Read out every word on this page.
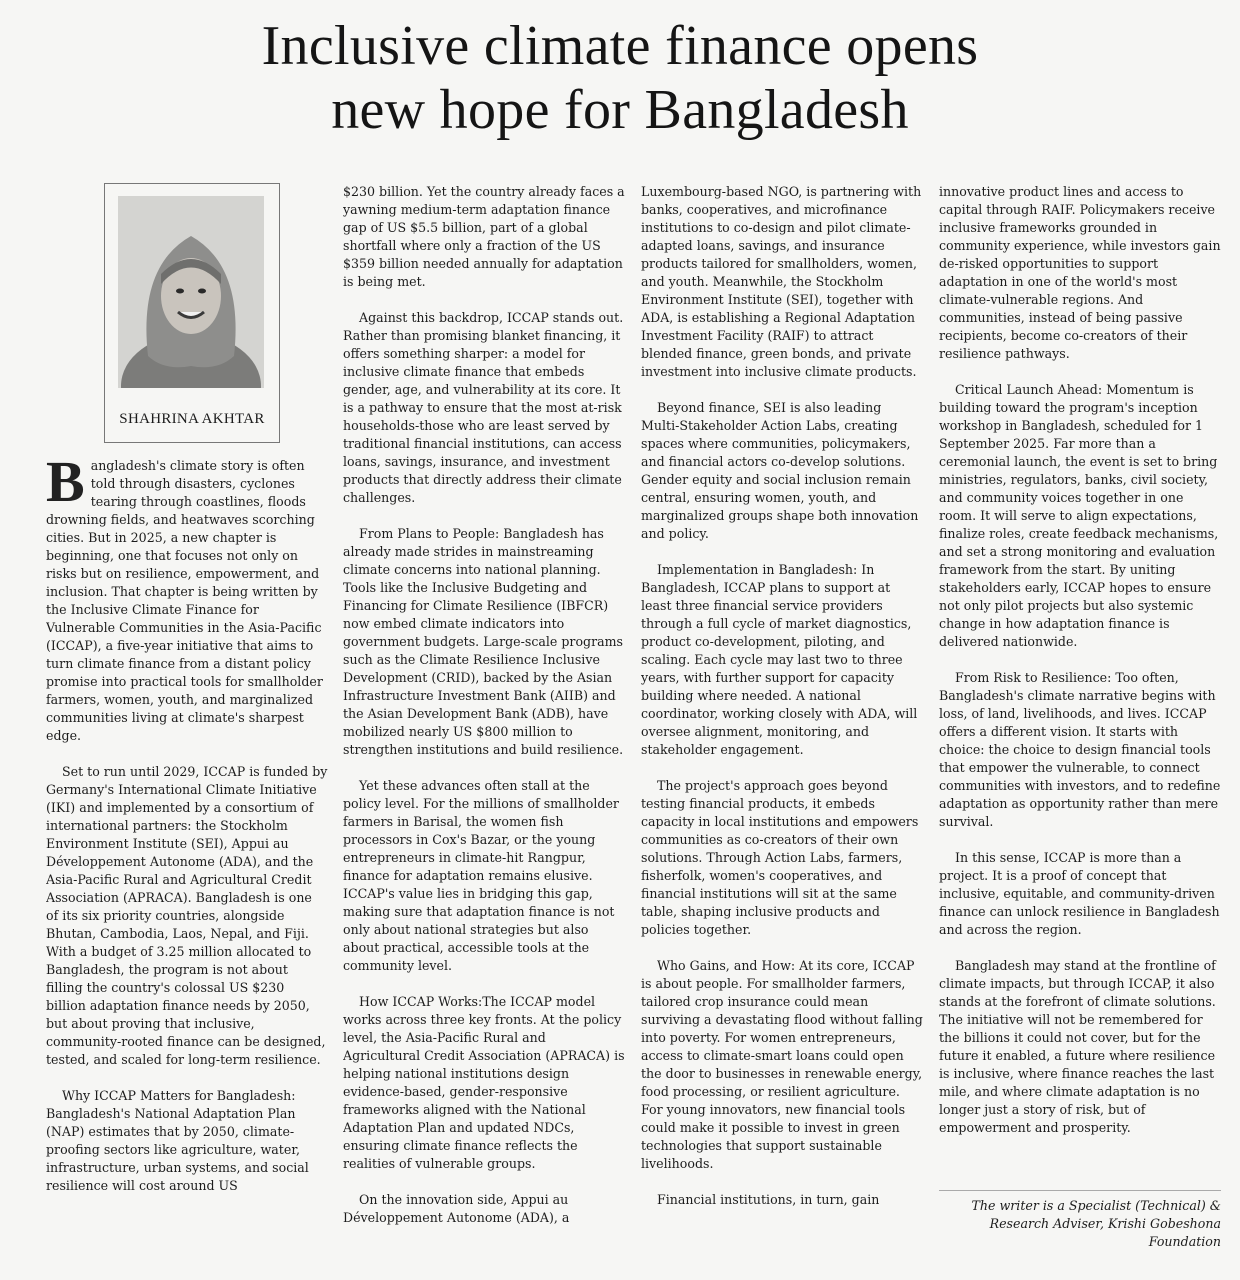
Inclusive climate finance opens
new hope for Bangladesh
SHAHRINA AKHTAR

Bangladesh's climate story is often told through disasters, cyclones tearing through coastlines, floods drowning fields, and heatwaves scorching cities. But in 2025, a new chapter is beginning, one that focuses not only on risks but on resilience, empowerment, and inclusion. That chapter is being written by the Inclusive Climate Finance for Vulnerable Communities in the Asia-Pacific (ICCAP), a five-year initiative that aims to turn climate finance from a distant policy promise into practical tools for smallholder farmers, women, youth, and marginalized communities living at climate's sharpest edge.

Set to run until 2029, ICCAP is funded by Germany's International Climate Initiative (IKI) and implemented by a consortium of international partners: the Stockholm Environment Institute (SEI), Appui au Développement Autonome (ADA), and the Asia-Pacific Rural and Agricultural Credit Association (APRACA). Bangladesh is one of its six priority countries, alongside Bhutan, Cambodia, Laos, Nepal, and Fiji. With a budget of 3.25 million allocated to Bangladesh, the program is not about filling the country's colossal US $230 billion adaptation finance needs by 2050, but about proving that inclusive, community-rooted finance can be designed, tested, and scaled for long-term resilience.

Why ICCAP Matters for Bangladesh: Bangladesh's National Adaptation Plan (NAP) estimates that by 2050, climate-proofing sectors like agriculture, water, infrastructure, urban systems, and social resilience will cost around US

$230 billion. Yet the country already faces a yawning medium-term adaptation finance gap of US $5.5 billion, part of a global shortfall where only a fraction of the US $359 billion needed annually for adaptation is being met.

Against this backdrop, ICCAP stands out. Rather than promising blanket financing, it offers something sharper: a model for inclusive climate finance that embeds gender, age, and vulnerability at its core. It is a pathway to ensure that the most at-risk households-those who are least served by traditional financial institutions, can access loans, savings, insurance, and investment products that directly address their climate challenges.

From Plans to People: Bangladesh has already made strides in mainstreaming climate concerns into national planning. Tools like the Inclusive Budgeting and Financing for Climate Resilience (IBFCR) now embed climate indicators into government budgets. Large-scale programs such as the Climate Resilience Inclusive Development (CRID), backed by the Asian Infrastructure Investment Bank (AIIB) and the Asian Development Bank (ADB), have mobilized nearly US $800 million to strengthen institutions and build resilience.

Yet these advances often stall at the policy level. For the millions of smallholder farmers in Barisal, the women fish processors in Cox's Bazar, or the young entrepreneurs in climate-hit Rangpur, finance for adaptation remains elusive. ICCAP's value lies in bridging this gap, making sure that adaptation finance is not only about national strategies but also about practical, accessible tools at the community level.

How ICCAP Works:The ICCAP model works across three key fronts. At the policy level, the Asia-Pacific Rural and Agricultural Credit Association (APRACA) is helping national institutions design evidence-based, gender-responsive frameworks aligned with the National Adaptation Plan and updated NDCs, ensuring climate finance reflects the realities of vulnerable groups.

On the innovation side, Appui au Développement Autonome (ADA), a

Luxembourg-based NGO, is partnering with banks, cooperatives, and microfinance institutions to co-design and pilot climate-adapted loans, savings, and insurance products tailored for smallholders, women, and youth. Meanwhile, the Stockholm Environment Institute (SEI), together with ADA, is establishing a Regional Adaptation Investment Facility (RAIF) to attract blended finance, green bonds, and private investment into inclusive climate products.

Beyond finance, SEI is also leading Multi-Stakeholder Action Labs, creating spaces where communities, policymakers, and financial actors co-develop solutions. Gender equity and social inclusion remain central, ensuring women, youth, and marginalized groups shape both innovation and policy.

Implementation in Bangladesh: In Bangladesh, ICCAP plans to support at least three financial service providers through a full cycle of market diagnostics, product co-development, piloting, and scaling. Each cycle may last two to three years, with further support for capacity building where needed. A national coordinator, working closely with ADA, will oversee alignment, monitoring, and stakeholder engagement.

The project's approach goes beyond testing financial products, it embeds capacity in local institutions and empowers communities as co-creators of their own solutions. Through Action Labs, farmers, fisherfolk, women's cooperatives, and financial institutions will sit at the same table, shaping inclusive products and policies together.

Who Gains, and How: At its core, ICCAP is about people. For smallholder farmers, tailored crop insurance could mean surviving a devastating flood without falling into poverty. For women entrepreneurs, access to climate-smart loans could open the door to businesses in renewable energy, food processing, or resilient agriculture. For young innovators, new financial tools could make it possible to invest in green technologies that support sustainable livelihoods.

Financial institutions, in turn, gain

innovative product lines and access to capital through RAIF. Policymakers receive inclusive frameworks grounded in community experience, while investors gain de-risked opportunities to support adaptation in one of the world's most climate-vulnerable regions. And communities, instead of being passive recipients, become co-creators of their resilience pathways.

Critical Launch Ahead: Momentum is building toward the program's inception workshop in Bangladesh, scheduled for 1 September 2025. Far more than a ceremonial launch, the event is set to bring ministries, regulators, banks, civil society, and community voices together in one room. It will serve to align expectations, finalize roles, create feedback mechanisms, and set a strong monitoring and evaluation framework from the start. By uniting stakeholders early, ICCAP hopes to ensure not only pilot projects but also systemic change in how adaptation finance is delivered nationwide.

From Risk to Resilience: Too often, Bangladesh's climate narrative begins with loss, of land, livelihoods, and lives. ICCAP offers a different vision. It starts with choice: the choice to design financial tools that empower the vulnerable, to connect communities with investors, and to redefine adaptation as opportunity rather than mere survival.

In this sense, ICCAP is more than a project. It is a proof of concept that inclusive, equitable, and community-driven finance can unlock resilience in Bangladesh and across the region.

Bangladesh may stand at the frontline of climate impacts, but through ICCAP, it also stands at the forefront of climate solutions. The initiative will not be remembered for the billions it could not cover, but for the future it enabled, a future where resilience is inclusive, where finance reaches the last mile, and where climate adaptation is no longer just a story of risk, but of empowerment and prosperity.

The writer is a Specialist (Technical) & Research Adviser, Krishi Gobeshona Foundation
